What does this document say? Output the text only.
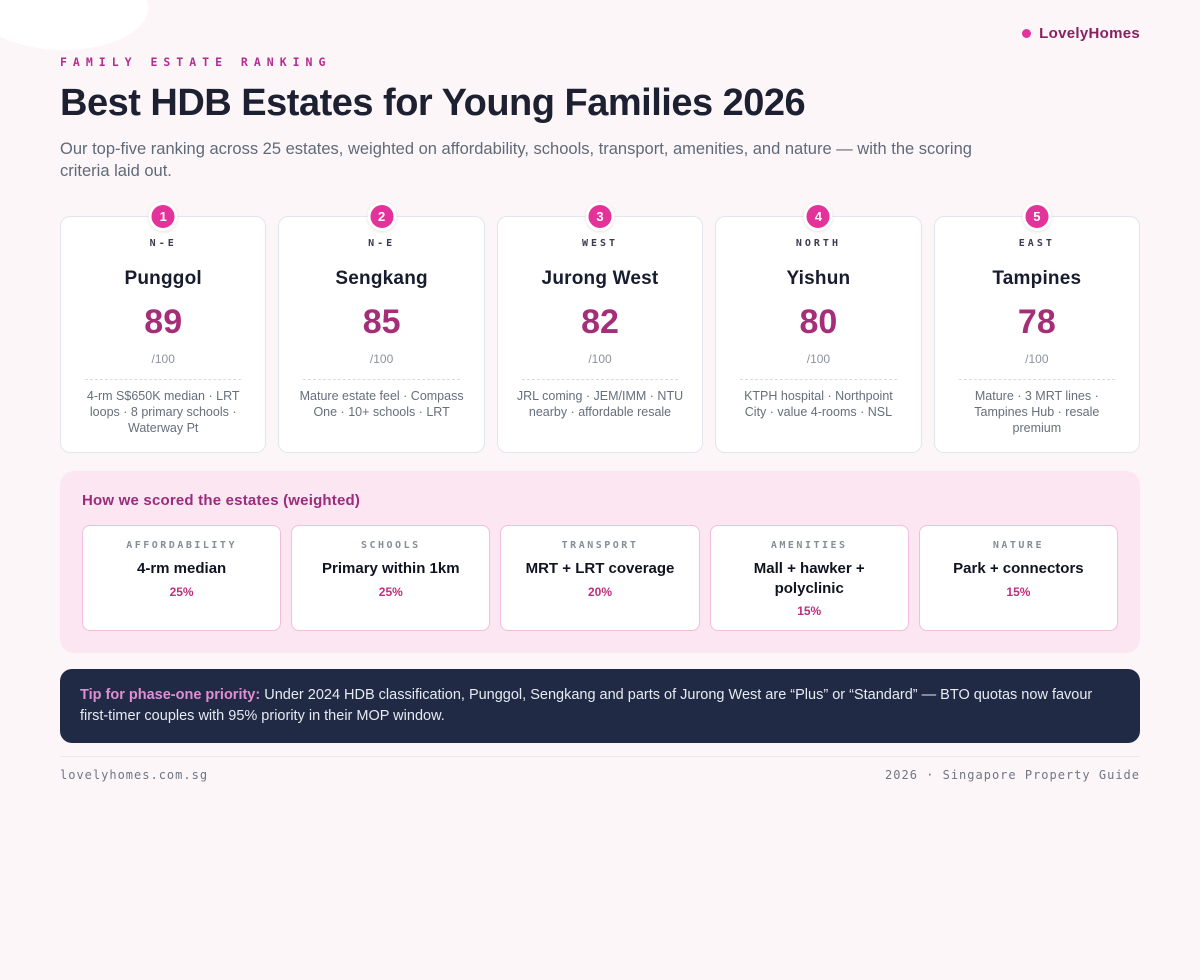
LovelyHomes
FAMILY ESTATE RANKING
Best HDB Estates for Young Families 2026

Our top-five ranking across 25 estates, weighted on affordability, schools, transport, amenities, and nature — with the scoring criteria laid out.

1
N-E
Punggol
89
/100
4-rm S$650K median · LRT loops · 8 primary schools · Waterway Pt
2
N-E
Sengkang
85
/100
Mature estate feel · Compass One · 10+ schools · LRT
3
WEST
Jurong West
82
/100
JRL coming · JEM/IMM · NTU nearby · affordable resale
4
NORTH
Yishun
80
/100
KTPH hospital · Northpoint City · value 4-rooms · NSL
5
EAST
Tampines
78
/100
Mature · 3 MRT lines · Tampines Hub · resale premium
How we scored the estates (weighted)
AFFORDABILITY
4-rm median
25%
SCHOOLS
Primary within 1km
25%
TRANSPORT
MRT + LRT coverage
20%
AMENITIES
Mall + hawker + polyclinic
15%
NATURE
Park + connectors
15%
Tip for phase-one priority: Under 2024 HDB classification, Punggol, Sengkang and parts of Jurong West are “Plus” or “Standard” — BTO quotas now favour first-timer couples with 95% priority in their MOP window.
lovelyhomes.com.sg	2026 · Singapore Property Guide
